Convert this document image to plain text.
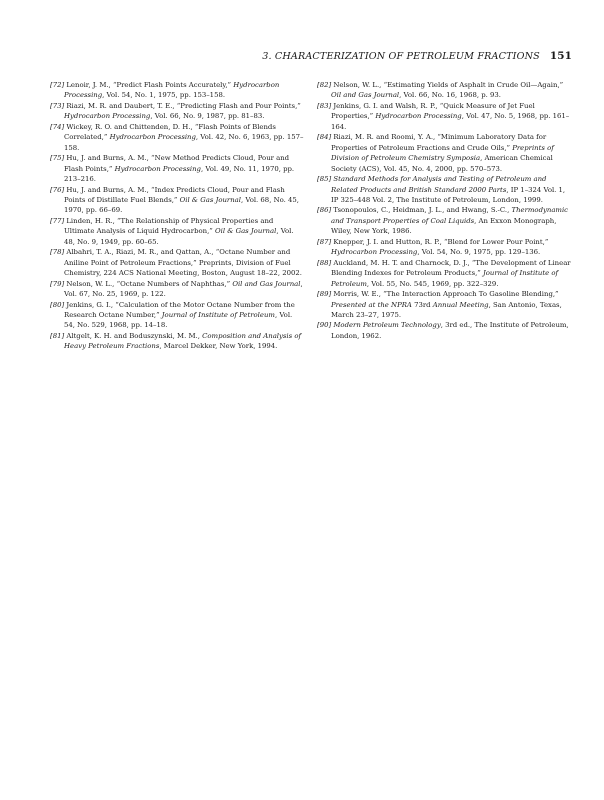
3. CHARACTERIZATION OF PETROLEUM FRACTIONS 151

[72] Lenoir, J. M., “Predict Flash Points Accurately,” Hydrocarbon Processing, Vol. 54, No. 1, 1975, pp. 153–158.

[73] Riazi, M. R. and Daubert, T. E., “Predicting Flash and Pour Points,” Hydrocarbon Processing, Vol. 66, No. 9, 1987, pp. 81–83.

[74] Wickey, R. O. and Chittenden, D. H., “Flash Points of Blends Correlated,” Hydrocarbon Processing, Vol. 42, No. 6, 1963, pp. 157–158.

[75] Hu, J. and Burns, A. M., “New Method Predicts Cloud, Pour and Flash Points,” Hydrocarbon Processing, Vol. 49, No. 11, 1970, pp. 213–216.

[76] Hu, J. and Burns, A. M., “Index Predicts Cloud, Pour and Flash Points of Distillate Fuel Blends,” Oil & Gas Journal, Vol. 68, No. 45, 1970, pp. 66–69.

[77] Linden, H. R., “The Relationship of Physical Properties and Ultimate Analysis of Liquid Hydrocarbon,” Oil & Gas Journal, Vol. 48, No. 9, 1949, pp. 60–65.

[78] Albahri, T. A., Riazi, M. R., and Qattan, A., “Octane Number and Aniline Point of Petroleum Fractions,” Preprints, Division of Fuel Chemistry, 224 ACS National Meeting, Boston, August 18–22, 2002.

[79] Nelson, W. L., “Octane Numbers of Naphthas,” Oil and Gas Journal, Vol. 67, No. 25, 1969, p. 122.

[80] Jenkins, G. I., “Calculation of the Motor Octane Number from the Research Octane Number,” Journal of Institute of Petroleum, Vol. 54, No. 529, 1968, pp. 14–18.

[81] Altgelt, K. H. and Boduszynski, M. M., Composition and Analysis of Heavy Petroleum Fractions, Marcel Dekker, New York, 1994.

[82] Nelson, W. L., “Estimating Yields of Asphalt in Crude Oil—Again,” Oil and Gas Journal, Vol. 66, No. 16, 1968, p. 93.

[83] Jenkins, G. I. and Walsh, R. P., “Quick Measure of Jet Fuel Properties,” Hydrocarbon Processing, Vol. 47, No. 5, 1968, pp. 161–164.

[84] Riazi, M. R. and Roomi, Y. A., “Minimum Laboratory Data for Properties of Petroleum Fractions and Crude Oils,” Preprints of Division of Petroleum Chemistry Symposia, American Chemical Society (ACS), Vol. 45, No. 4, 2000, pp. 570–573.

[85] Standard Methods for Analysis and Testing of Petroleum and Related Products and British Standard 2000 Parts, IP 1–324 Vol. 1, IP 325–448 Vol. 2, The Institute of Petroleum, London, 1999.

[86] Tsonopoulos, C., Heidman, J. L., and Hwang, S.-C., Thermodynamic and Transport Properties of Coal Liquids, An Exxon Monograph, Wiley, New York, 1986.

[87] Knepper, J. I. and Hutton, R. P., “Blend for Lower Pour Point,” Hydrocarbon Processing, Vol. 54, No. 9, 1975, pp. 129–136.

[88] Auckland, M. H. T. and Charnock, D. J., “The Development of Linear Blending Indexes for Petroleum Products,” Journal of Institute of Petroleum, Vol. 55, No. 545, 1969, pp. 322–329.

[89] Morris, W. E., “The Interaction Approach To Gasoline Blending,” Presented at the NPRA 73rd Annual Meeting, San Antonio, Texas, March 23–27, 1975.

[90] Modern Petroleum Technology, 3rd ed., The Institute of Petroleum, London, 1962.
